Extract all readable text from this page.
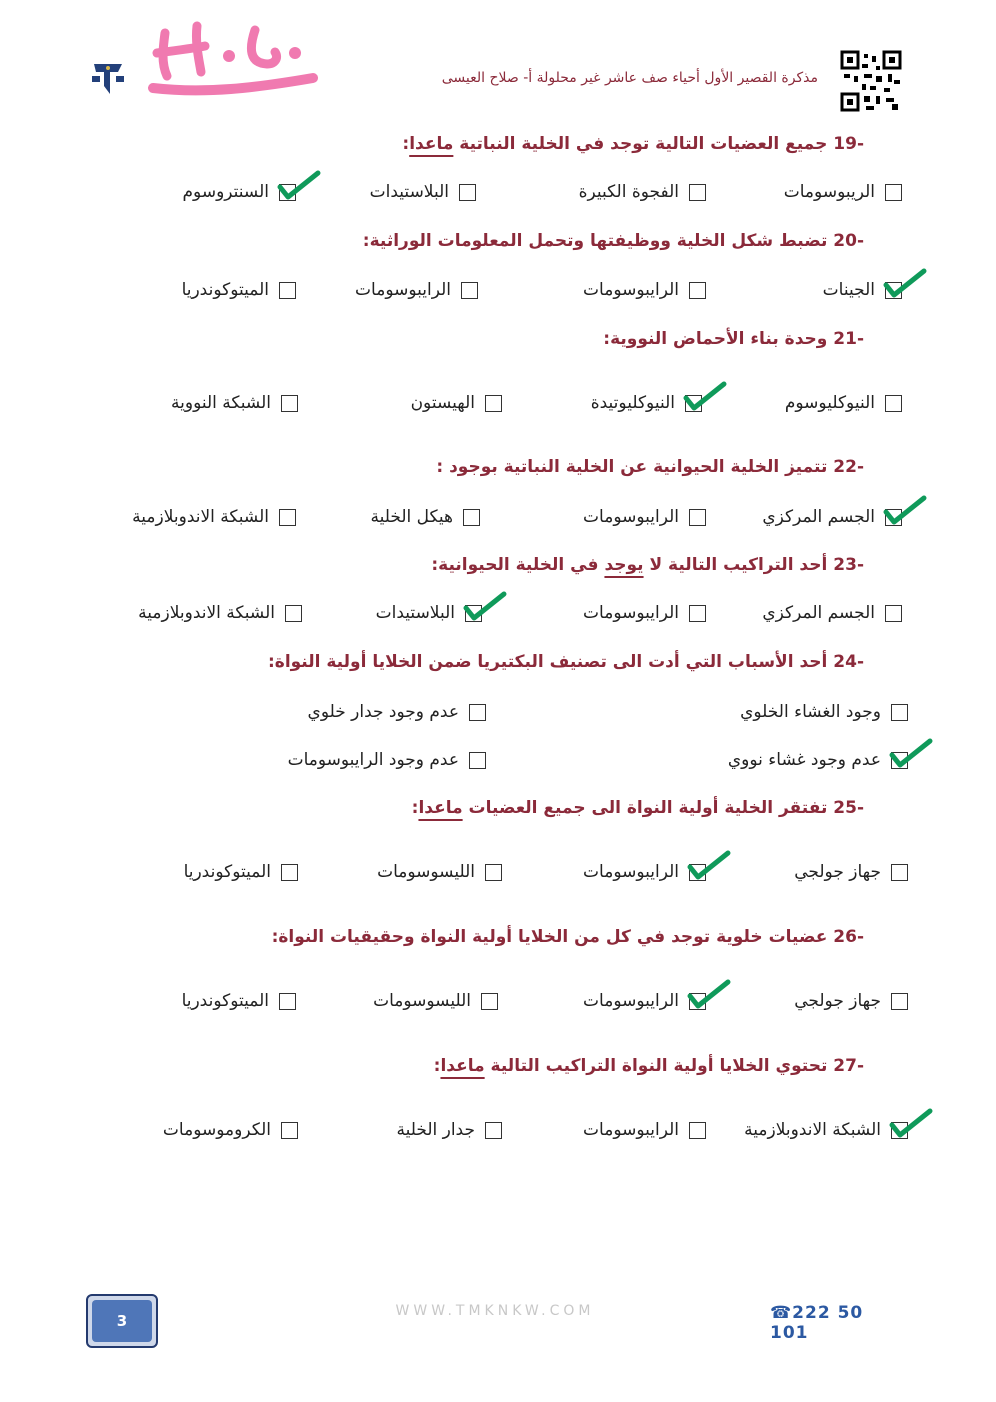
مذكرة القصير الأول أحياء صف عاشر غير محلولة أ- صلاح العيسى
-19 جميع العضيات التالية توجد في الخلية النباتية ماعدا:
الريبوسومات
الفجوة الكبيرة
البلاستيدات
السنتروسوم
-20 تضبط شكل الخلية ووظيفتها وتحمل المعلومات الوراثية:
الجينات
الرايبوسومات
الرايبوسومات
الميتوكوندريا
-21 وحدة بناء الأحماض النووية:
النيوكليوسوم
النيوكليوتيدة
الهيستون
الشبكة النووية
-22 تتميز الخلية الحيوانية عن الخلية النباتية بوجود :
الجسم المركزي
الرايبوسومات
هيكل الخلية
الشبكة الاندوبلازمية
-23 أحد التراكيب التالية لا يوجد في الخلية الحيوانية:
الجسم المركزي
الرايبوسومات
البلاستيدات
الشبكة الاندوبلازمية
-24 أحد الأسباب التي أدت الى تصنيف البكتيريا ضمن الخلايا أولية النواة:
وجود الغشاء الخلوي
عدم وجود جدار خلوي
عدم وجود غشاء نووي
عدم وجود الرايبوسومات
-25 تفتقر الخلية أولية النواة الى جميع العضيات ماعدا:
جهاز جولجي
الرايبوسومات
الليسوسومات
الميتوكوندريا
-26 عضيات خلوية توجد في كل من الخلايا أولية النواة وحقيقيات النواة:
جهاز جولجي
الرايبوسومات
الليسوسومات
الميتوكوندريا
-27 تحتوي الخلايا أولية النواة التراكيب التالية ماعدا:
الشبكة الاندوبلازمية
الرايبوسومات
جدار الخلية
الكروموسومات
3
WWW.TMKNKW.COM	☎222 50 101
